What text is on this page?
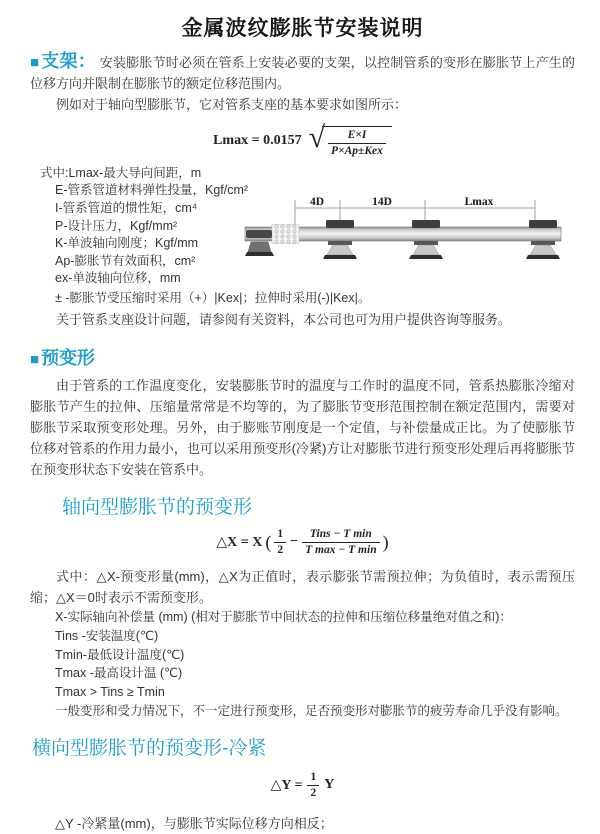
金属波纹膨胀节安装说明

■ 支架： 安装膨胀节时必须在管系上安装必要的支架，以控制管系的变形在膨胀节上产生的位移方向并限制在膨胀节的额定位移范围内。

例如对于轴向型膨胀节，它对管系支座的基本要求如图所示：

Lmax = 0.0157 √ $\frac{E\times I}{\text{P×Ap±Kex}}$
式中:Lmax-最大导向间距，m
E-管系管道材料弹性投量，Kgf/cm²
I-管系管道的惯性矩，cm⁴
P-设计压力，Kgf/mm²
K-单波轴向刚度；Kgf/mm
Ap-膨胀节有效面积，cm²
ex-单波轴向位移，mm
4D	14D	Lmax

± -膨胀节受压缩时采用（+）|Kex|；拉伸时采用(-)|Kex|。

关于管系支座设计问题，请参阅有关资料，本公司也可为用户提供咨询等服务。

■ 预变形

由于管系的工作温度变化，安装膨胀节时的温度与工作时的温度不同，管系热膨胀冷缩对膨胀节产生的拉伸、压缩量常常是不均等的，为了膨胀节变形范围控制在额定范围内，需要对膨胀节采取预变形处理。另外，由于膨账节刚度是一个定值，与补偿量成正比。为了使膨胀节位移对管系的作用力最小，也可以采用预变形(冷紧)方让对膨胀节进行预变形处理后再将膨胀节在预变形状态下安装在管系中。

轴向型膨胀节的预变形
△X = X ( $\frac{1}{2} - \frac{\text{Tins − T min}}{\text{T max − T min}}$ )

式中：△X-预变形量(mm)，△X为正值时，表示膨张节需预拉伸；为负值时，表示需预压缩；△X＝0时表示不需预变形。

X-实际轴向补偿量 (mm) (相对于膨胀节中间状态的拉伸和压缩位移量绝对值之和)：
Tins -安装温度(℃)
Tmin-最低设计温度(℃)
Tmax -最高设计温 (℃)
Tmax > Tins ≥ Tmin
一般变形和受力情况下，不一定进行预变形，足否预变形对膨胀节的疲劳寿命几乎没有影响。
横向型膨胀节的预变形-冷紧
△Y = $\frac{1}{2}$ Y

△Y -冷紧量(mm)，与膨胀节实际位移方向相反；
